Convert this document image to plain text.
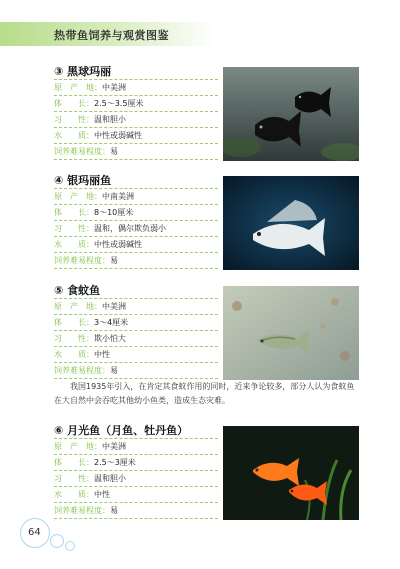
热带鱼饲养与观赏图鉴
③ 黑球玛丽
原　产　地：中美洲
体　　长：2.5～3.5厘米
习　　性：温和胆小
水　　质：中性或弱碱性
饲养难易程度：易
④ 银玛丽鱼
原　产　地：中南美洲
体　　长：8～10厘米
习　　性：温和，偶尔欺负弱小
水　　质：中性或弱碱性
饲养难易程度：易
⑤ 食蚊鱼
原　产　地：中美洲
体　　长：3～4厘米
习　　性：欺小怕大
水　　质：中性
饲养难易程度：易
我国1935年引入，在肯定其食蚊作用的同时，近来争论较多，部分人认为食蚊鱼在大自然中会吞吃其他幼小鱼类，造成生态灾难。
⑥ 月光鱼（月鱼、牡丹鱼）
原　产　地：中美洲
体　　长：2.5～3厘米
习　　性：温和胆小
水　　质：中性
饲养难易程度：易
64
